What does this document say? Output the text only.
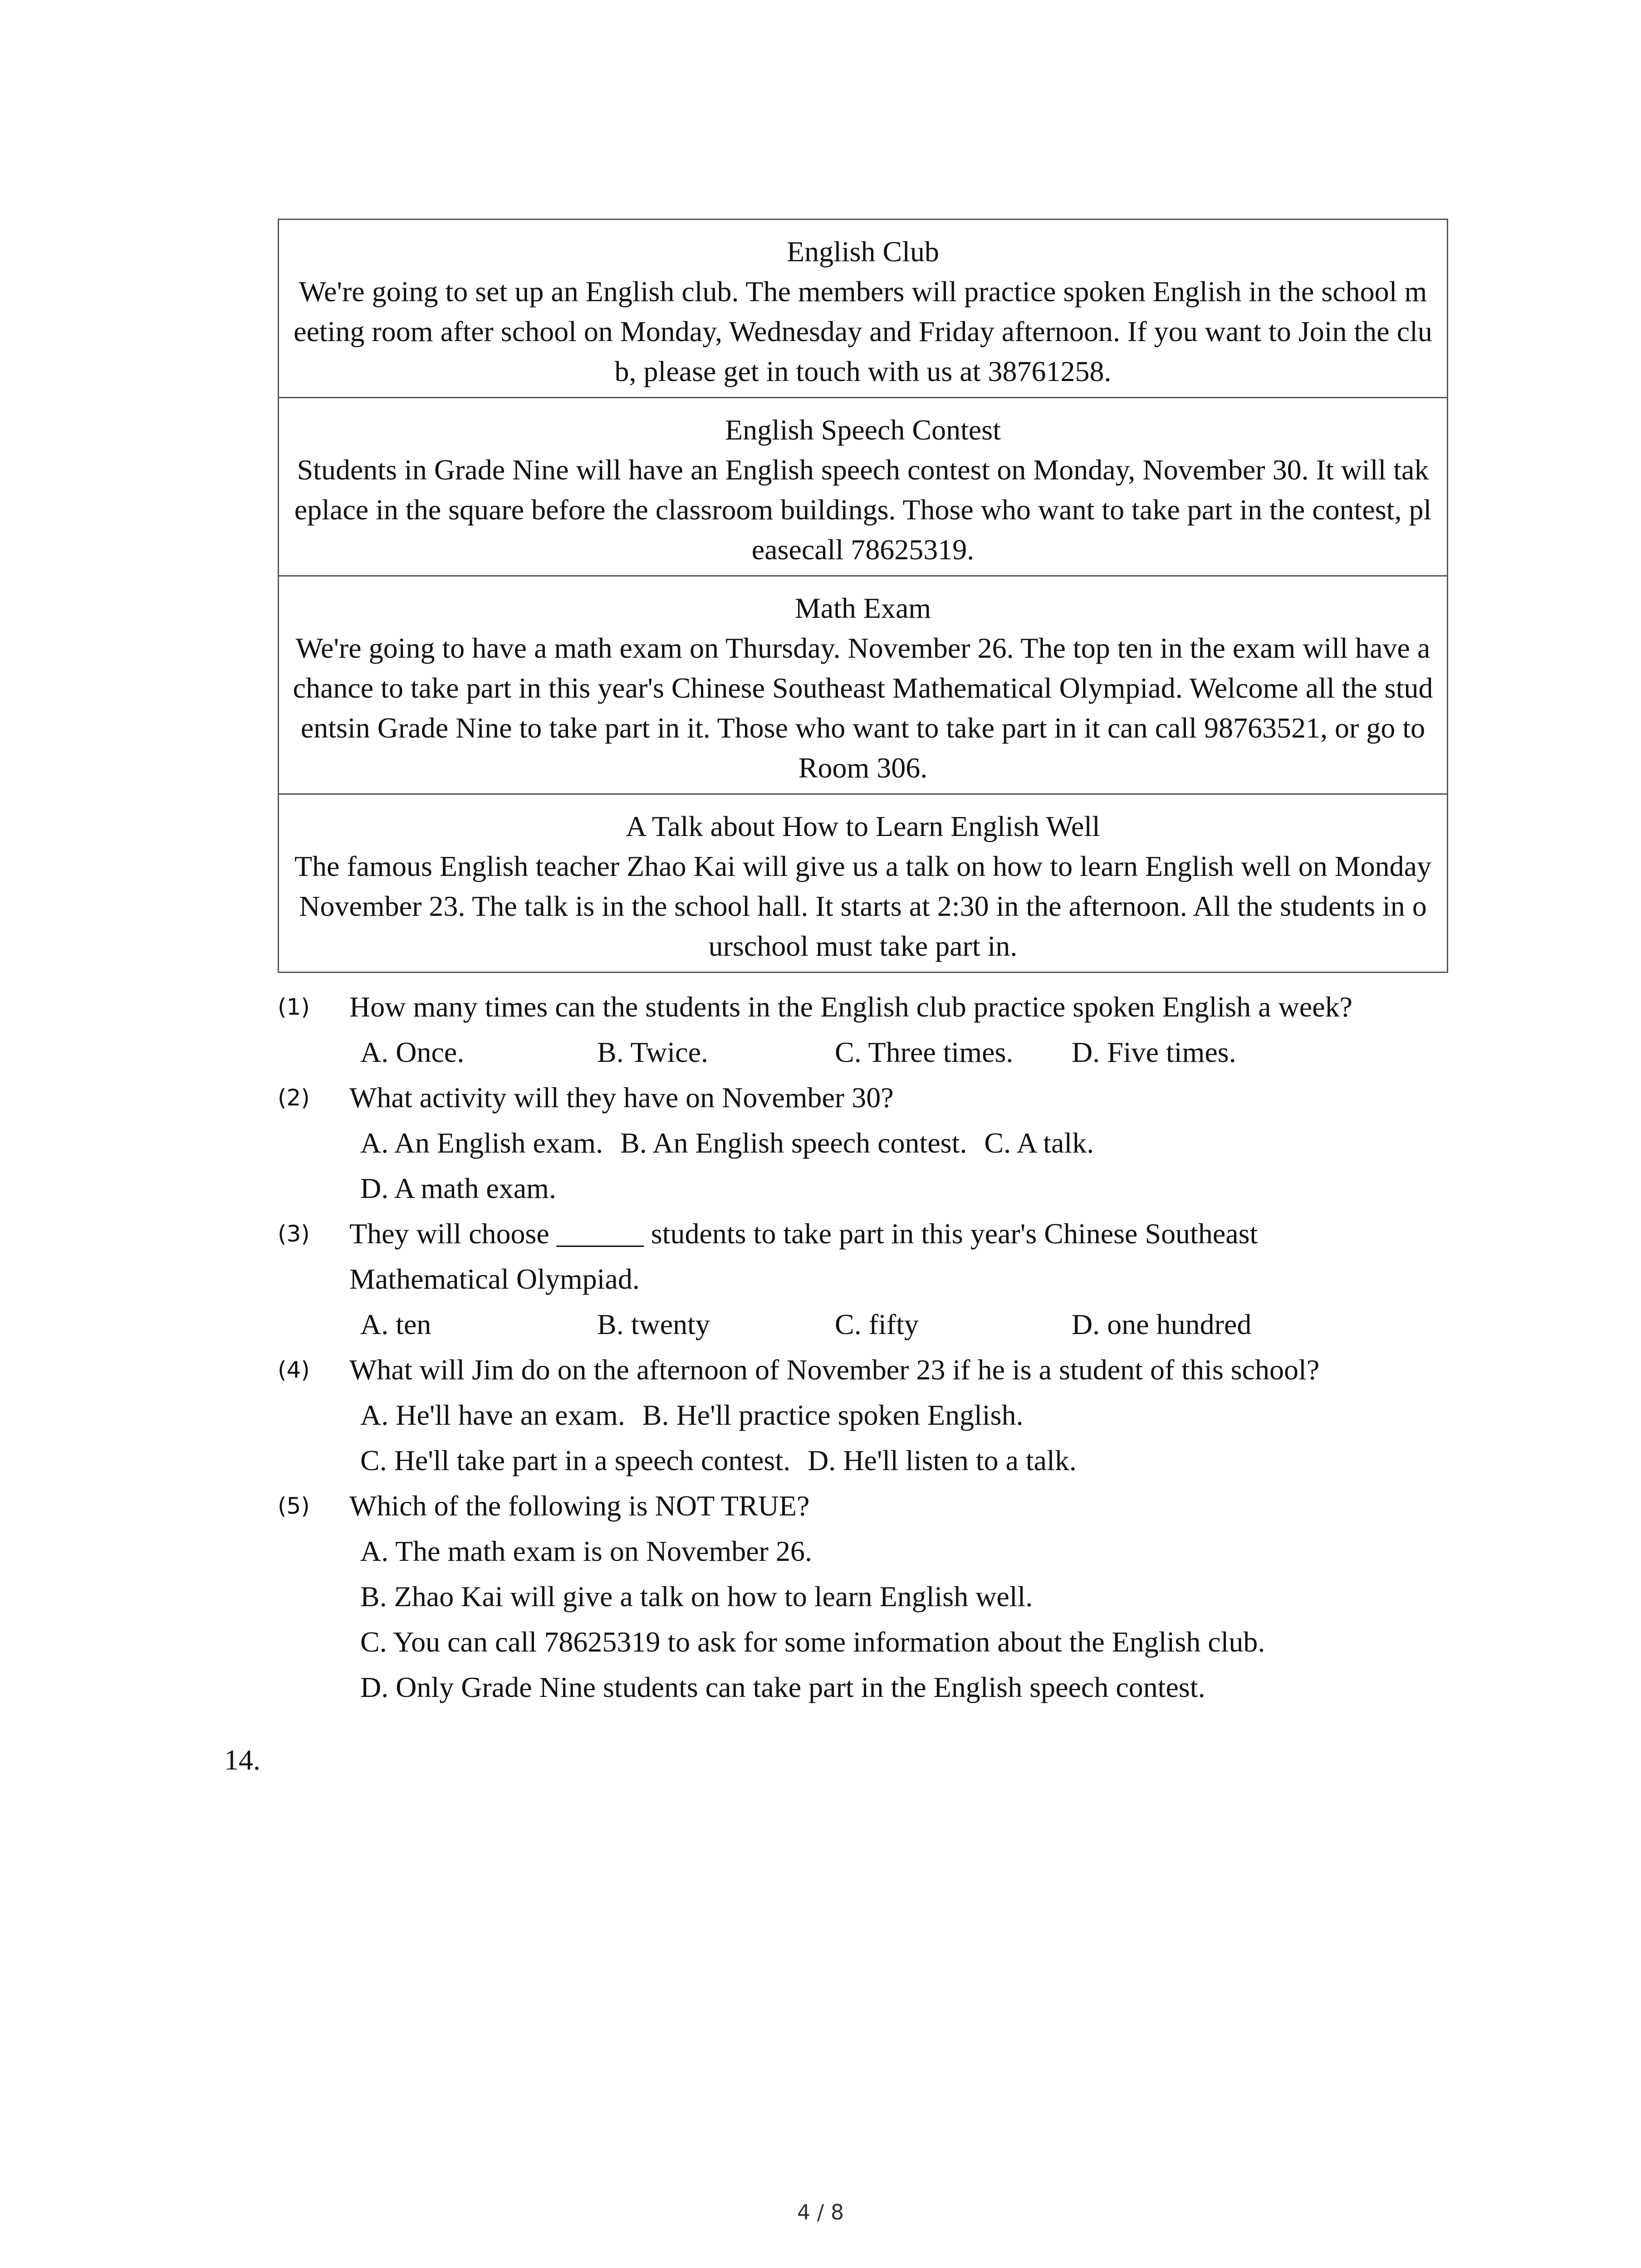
English Club
We're going to set up an English club. The members will practice spoken English in the school meeting room after school on Monday, Wednesday and Friday afternoon. If you want to Join the club, please get in touch with us at 38761258.
English Speech Contest
Students in Grade Nine will have an English speech contest on Monday, November 30. It will takeplace in the square before the classroom buildings. Those who want to take part in the contest, pleasecall 78625319.
Math Exam
We're going to have a math exam on Thursday. November 26. The top ten in the exam will have a chance to take part in this year's Chinese Southeast Mathematical Olympiad. Welcome all the studentsin Grade Nine to take part in it. Those who want to take part in it can call 98763521, or go toRoom 306.
A Talk about How to Learn English Well
The famous English teacher Zhao Kai will give us a talk on how to learn English well on MondayNovember 23. The talk is in the school hall. It starts at 2:30 in the afternoon. All the students in ourschool must take part in.
(1) How many times can the students in the English club practice spoken English a week?
A. Once.	B. Twice.	C. Three times. D. Five times.
(2) What activity will they have on November 30?
A. An English exam. B. An English speech contest. C. A talk.
D. A math exam.
(3) They will choose ______ students to take part in this year's Chinese Southeast
Mathematical Olympiad.
A. ten	B. twenty	C. fifty	D. one hundred
(4) What will Jim do on the afternoon of November 23 if he is a student of this school?
A. He'll have an exam. B. He'll practice spoken English.
C. He'll take part in a speech contest. D. He'll listen to a talk.
(5) Which of the following is NOT TRUE?
A. The math exam is on November 26.
B. Zhao Kai will give a talk on how to learn English well.
C. You can call 78625319 to ask for some information about the English club.
D. Only Grade Nine students can take part in the English speech contest.
14.
4 / 8
